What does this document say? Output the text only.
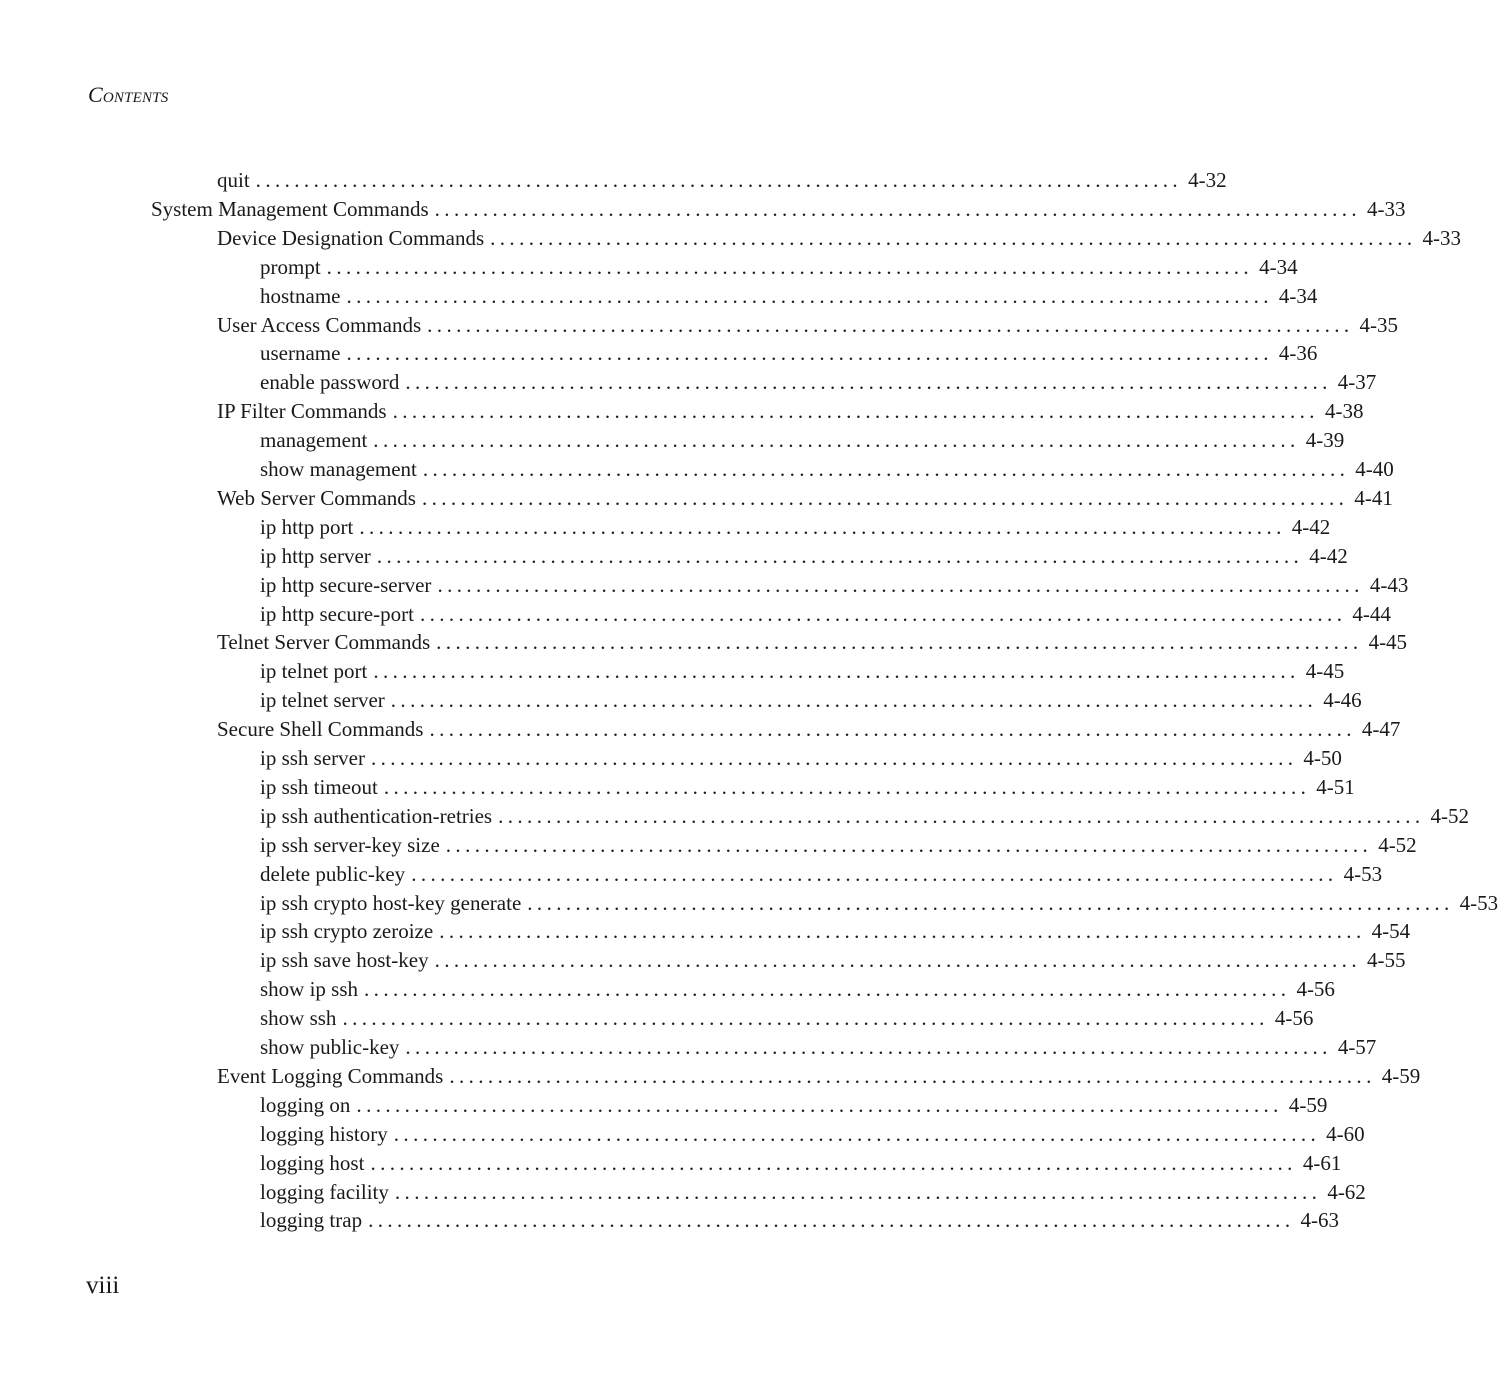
Contents
quit ................................................................................................ 4-32
System Management Commands ................................................................................................ 4-33
Device Designation Commands ................................................................................................ 4-33
prompt ................................................................................................ 4-34
hostname ................................................................................................ 4-34
User Access Commands ................................................................................................ 4-35
username ................................................................................................ 4-36
enable password ................................................................................................ 4-37
IP Filter Commands ................................................................................................ 4-38
management ................................................................................................ 4-39
show management ................................................................................................ 4-40
Web Server Commands ................................................................................................ 4-41
ip http port ................................................................................................ 4-42
ip http server ................................................................................................ 4-42
ip http secure-server ................................................................................................ 4-43
ip http secure-port ................................................................................................ 4-44
Telnet Server Commands ................................................................................................ 4-45
ip telnet port ................................................................................................ 4-45
ip telnet server ................................................................................................ 4-46
Secure Shell Commands ................................................................................................ 4-47
ip ssh server ................................................................................................ 4-50
ip ssh timeout ................................................................................................ 4-51
ip ssh authentication-retries ................................................................................................ 4-52
ip ssh server-key size ................................................................................................ 4-52
delete public-key ................................................................................................ 4-53
ip ssh crypto host-key generate ................................................................................................ 4-53
ip ssh crypto zeroize ................................................................................................ 4-54
ip ssh save host-key ................................................................................................ 4-55
show ip ssh ................................................................................................ 4-56
show ssh ................................................................................................ 4-56
show public-key ................................................................................................ 4-57
Event Logging Commands ................................................................................................ 4-59
logging on ................................................................................................ 4-59
logging history ................................................................................................ 4-60
logging host ................................................................................................ 4-61
logging facility ................................................................................................ 4-62
logging trap ................................................................................................ 4-63
viii
